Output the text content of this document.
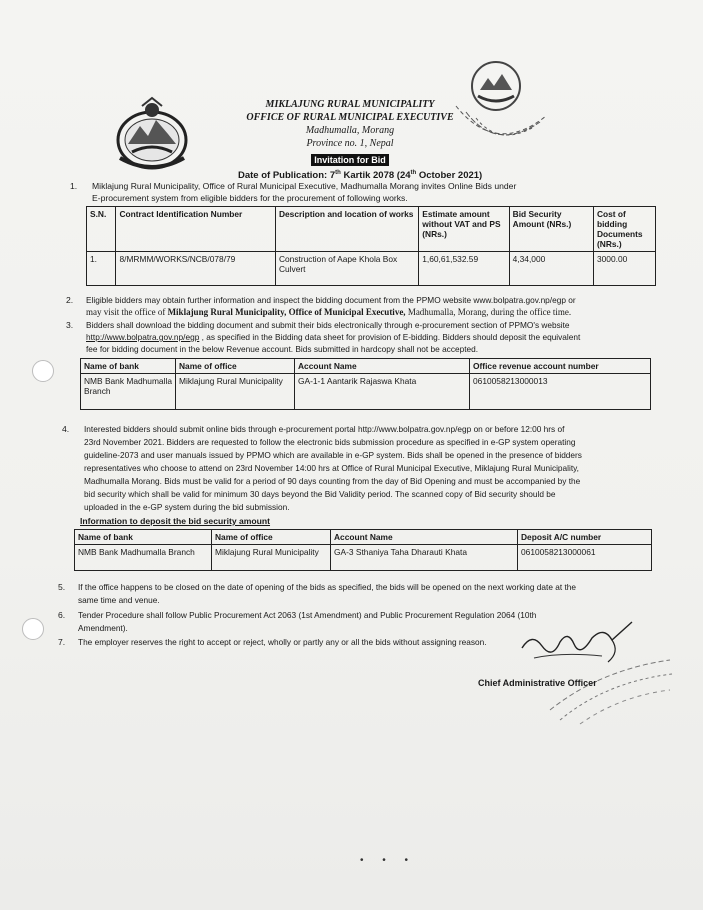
MIKLAJUNG RURAL MUNICIPALITY
OFFICE OF RURAL MUNICIPAL EXECUTIVE
Madhumalla, Morang
Province no. 1, Nepal
Invitation for Bid
Date of Publication: 7th Kartik 2078 (24th October 2021)
1. Miklajung Rural Municipality, Office of Rural Municipal Executive, Madhumalla Morang invites Online Bids under
E-procurement system from eligible bidders for the procurement of following works.
S.N.	Contract Identification Number	Description and location of works	Estimate amount without VAT and PS (NRs.)	Bid Security Amount (NRs.)	Cost of bidding Documents (NRs.)
1.	8/MRMM/WORKS/NCB/078/79	Construction of Aape Khola Box Culvert	1,60,61,532.59	4,34,000	3000.00
2. Eligible bidders may obtain further information and inspect the bidding document from the PPMO website www.bolpatra.gov.np/egp or
may visit the office of Miklajung Rural Municipality, Office of Municipal Executive, Madhumalla, Morang, during the office time.
3. Bidders shall download the bidding document and submit their bids electronically through e-procurement section of PPMO's website
http://www.bolpatra.gov.np/egp , as specified in the Bidding data sheet for provision of E-bidding. Bidders should deposit the equivalent
fee for bidding document in the below Revenue account. Bids submitted in hardcopy shall not be accepted.
Name of bank	Name of office	Account Name	Office revenue account number
NMB Bank Madhumalla Branch	Miklajung Rural Municipality	GA-1-1 Aantarik Rajaswa Khata	0610058213000013
4. Interested bidders should submit online bids through e-procurement portal http://www.bolpatra.gov.np/egp on or before 12:00 hrs of
23rd November 2021. Bidders are requested to follow the electronic bids submission procedure as specified in e-GP system operating
guideline-2073 and user manuals issued by PPMO which are available in e-GP system. Bids shall be opened in the presence of bidders
representatives who choose to attend on 23rd November 14:00 hrs at Office of Rural Municipal Executive, Miklajung Rural Municipality,
Madhumalla Morang. Bids must be valid for a period of 90 days counting from the day of Bid Opening and must be accompanied by the
bid security which shall be valid for minimum 30 days beyond the Bid Validity period. The scanned copy of Bid security should be
uploaded in the e-GP system during the bid submission.
Information to deposit the bid security amount
Name of bank	Name of office	Account Name	Deposit A/C number
NMB Bank Madhumalla Branch	Miklajung Rural Municipality	GA-3 Sthaniya Taha Dharauti Khata	0610058213000061
5. If the office happens to be closed on the date of opening of the bids as specified, the bids will be opened on the next working date at the
same time and venue.
6. Tender Procedure shall follow Public Procurement Act 2063 (1st Amendment) and Public Procurement Regulation 2064 (10th
Amendment).
7. The employer reserves the right to accept or reject, wholly or partly any or all the bids without assigning reason.
Chief Administrative Officer
• • •
